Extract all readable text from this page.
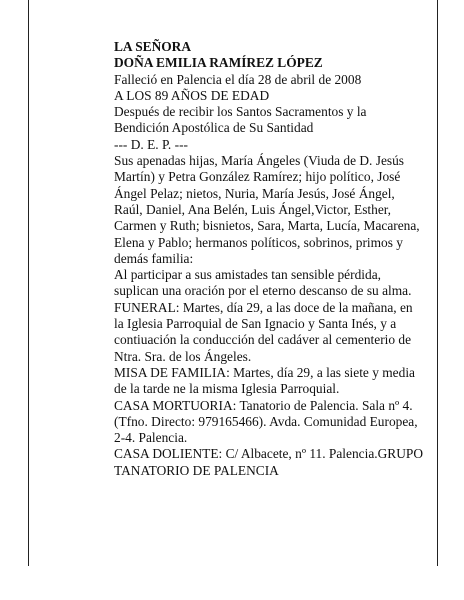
LA SEÑORA

DOÑA EMILIA RAMÍREZ LÓPEZ

Falleció en Palencia el día 28 de abril de 2008

A LOS 89 AÑOS DE EDAD

Después de recibir los Santos Sacramentos y la Bendición Apostólica de Su Santidad

--- D. E. P. ---

Sus apenadas hijas, María Ángeles (Viuda de D. Jesús Martín) y Petra González Ramírez; hijo político, José Ángel Pelaz; nietos, Nuria, María Jesús, José Ángel, Raúl, Daniel, Ana Belén, Luis Ángel,Victor, Esther, Carmen y Ruth; bisnietos, Sara, Marta, Lucía, Macarena, Elena y Pablo; hermanos políticos, sobrinos, primos y demás familia:

Al participar a sus amistades tan sensible pérdida, suplican una oración por el eterno descanso de su alma.

FUNERAL: Martes, día 29, a las doce de la mañana, en la Iglesia Parroquial de San Ignacio y Santa Inés, y a contiuación la conducción del cadáver al cementerio de Ntra. Sra. de los Ángeles.

MISA DE FAMILIA: Martes, día 29, a las siete y media de la tarde ne la misma Iglesia Parroquial.

CASA MORTUORIA: Tanatorio de Palencia. Sala nº 4. (Tfno. Directo: 979165466). Avda. Comunidad Europea, 2-4. Palencia.

CASA DOLIENTE: C/ Albacete, nº 11. Palencia.GRUPO TANATORIO DE PALENCIA
